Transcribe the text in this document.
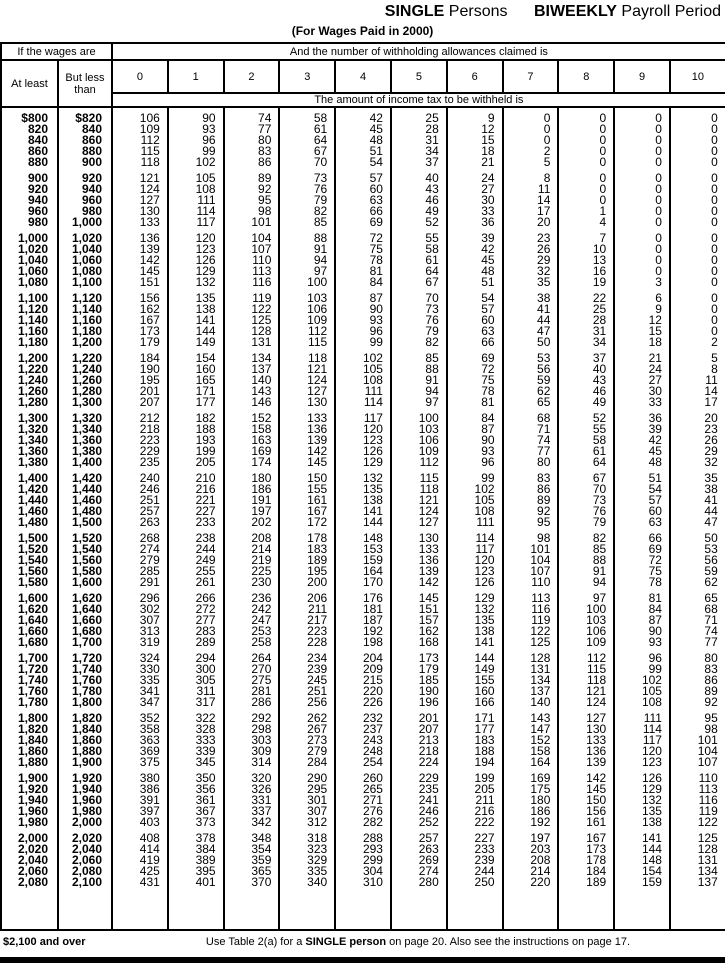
SINGLE Persons BIWEEKLY Payroll Period
(For Wages Paid in 2000)
If the wages are		And the number of withholding allowances claimed is										
At least	But less than	0	1	2	3	4	5	6	7	8	9	10
		The amount of income tax to be withheld is										

$800	$820	106	90	74	58	42	25	9	0	0	0	0
820	840	109	93	77	61	45	28	12	0	0	0	0
840	860	112	96	80	64	48	31	15	0	0	0	0
860	880	115	99	83	67	51	34	18	2	0	0	0
880	900	118	102	86	70	54	37	21	5	0	0	0

900	920	121	105	89	73	57	40	24	8	0	0	0
920	940	124	108	92	76	60	43	27	11	0	0	0
940	960	127	111	95	79	63	46	30	14	0	0	0
960	980	130	114	98	82	66	49	33	17	1	0	0
980	1,000	133	117	101	85	69	52	36	20	4	0	0

1,000	1,020	136	120	104	88	72	55	39	23	7	0	0
1,020	1,040	139	123	107	91	75	58	42	26	10	0	0
1,040	1,060	142	126	110	94	78	61	45	29	13	0	0
1,060	1,080	145	129	113	97	81	64	48	32	16	0	0
1,080	1,100	151	132	116	100	84	67	51	35	19	3	0

1,100	1,120	156	135	119	103	87	70	54	38	22	6	0
1,120	1,140	162	138	122	106	90	73	57	41	25	9	0
1,140	1,160	167	141	125	109	93	76	60	44	28	12	0
1,160	1,180	173	144	128	112	96	79	63	47	31	15	0
1,180	1,200	179	149	131	115	99	82	66	50	34	18	2

1,200	1,220	184	154	134	118	102	85	69	53	37	21	5
1,220	1,240	190	160	137	121	105	88	72	56	40	24	8
1,240	1,260	195	165	140	124	108	91	75	59	43	27	11
1,260	1,280	201	171	143	127	111	94	78	62	46	30	14
1,280	1,300	207	177	146	130	114	97	81	65	49	33	17

1,300	1,320	212	182	152	133	117	100	84	68	52	36	20
1,320	1,340	218	188	158	136	120	103	87	71	55	39	23
1,340	1,360	223	193	163	139	123	106	90	74	58	42	26
1,360	1,380	229	199	169	142	126	109	93	77	61	45	29
1,380	1,400	235	205	174	145	129	112	96	80	64	48	32

1,400	1,420	240	210	180	150	132	115	99	83	67	51	35
1,420	1,440	246	216	186	155	135	118	102	86	70	54	38
1,440	1,460	251	221	191	161	138	121	105	89	73	57	41
1,460	1,480	257	227	197	167	141	124	108	92	76	60	44
1,480	1,500	263	233	202	172	144	127	111	95	79	63	47

1,500	1,520	268	238	208	178	148	130	114	98	82	66	50
1,520	1,540	274	244	214	183	153	133	117	101	85	69	53
1,540	1,560	279	249	219	189	159	136	120	104	88	72	56
1,560	1,580	285	255	225	195	164	139	123	107	91	75	59
1,580	1,600	291	261	230	200	170	142	126	110	94	78	62

1,600	1,620	296	266	236	206	176	145	129	113	97	81	65
1,620	1,640	302	272	242	211	181	151	132	116	100	84	68
1,640	1,660	307	277	247	217	187	157	135	119	103	87	71
1,660	1,680	313	283	253	223	192	162	138	122	106	90	74
1,680	1,700	319	289	258	228	198	168	141	125	109	93	77

1,700	1,720	324	294	264	234	204	173	144	128	112	96	80
1,720	1,740	330	300	270	239	209	179	149	131	115	99	83
1,740	1,760	335	305	275	245	215	185	155	134	118	102	86
1,760	1,780	341	311	281	251	220	190	160	137	121	105	89
1,780	1,800	347	317	286	256	226	196	166	140	124	108	92

1,800	1,820	352	322	292	262	232	201	171	143	127	111	95
1,820	1,840	358	328	298	267	237	207	177	147	130	114	98
1,840	1,860	363	333	303	273	243	213	183	152	133	117	101
1,860	1,880	369	339	309	279	248	218	188	158	136	120	104
1,880	1,900	375	345	314	284	254	224	194	164	139	123	107

1,900	1,920	380	350	320	290	260	229	199	169	142	126	110
1,920	1,940	386	356	326	295	265	235	205	175	145	129	113
1,940	1,960	391	361	331	301	271	241	211	180	150	132	116
1,960	1,980	397	367	337	307	276	246	216	186	156	135	119
1,980	2,000	403	373	342	312	282	252	222	192	161	138	122

2,000	2,020	408	378	348	318	288	257	227	197	167	141	125
2,020	2,040	414	384	354	323	293	263	233	203	173	144	128
2,040	2,060	419	389	359	329	299	269	239	208	178	148	131
2,060	2,080	425	395	365	335	304	274	244	214	184	154	134
2,080	2,100	431	401	370	340	310	280	250	220	189	159	137

$2,100 and over	Use Table 2(a) for a SINGLE person on page 20. Also see the instructions on page 17.
